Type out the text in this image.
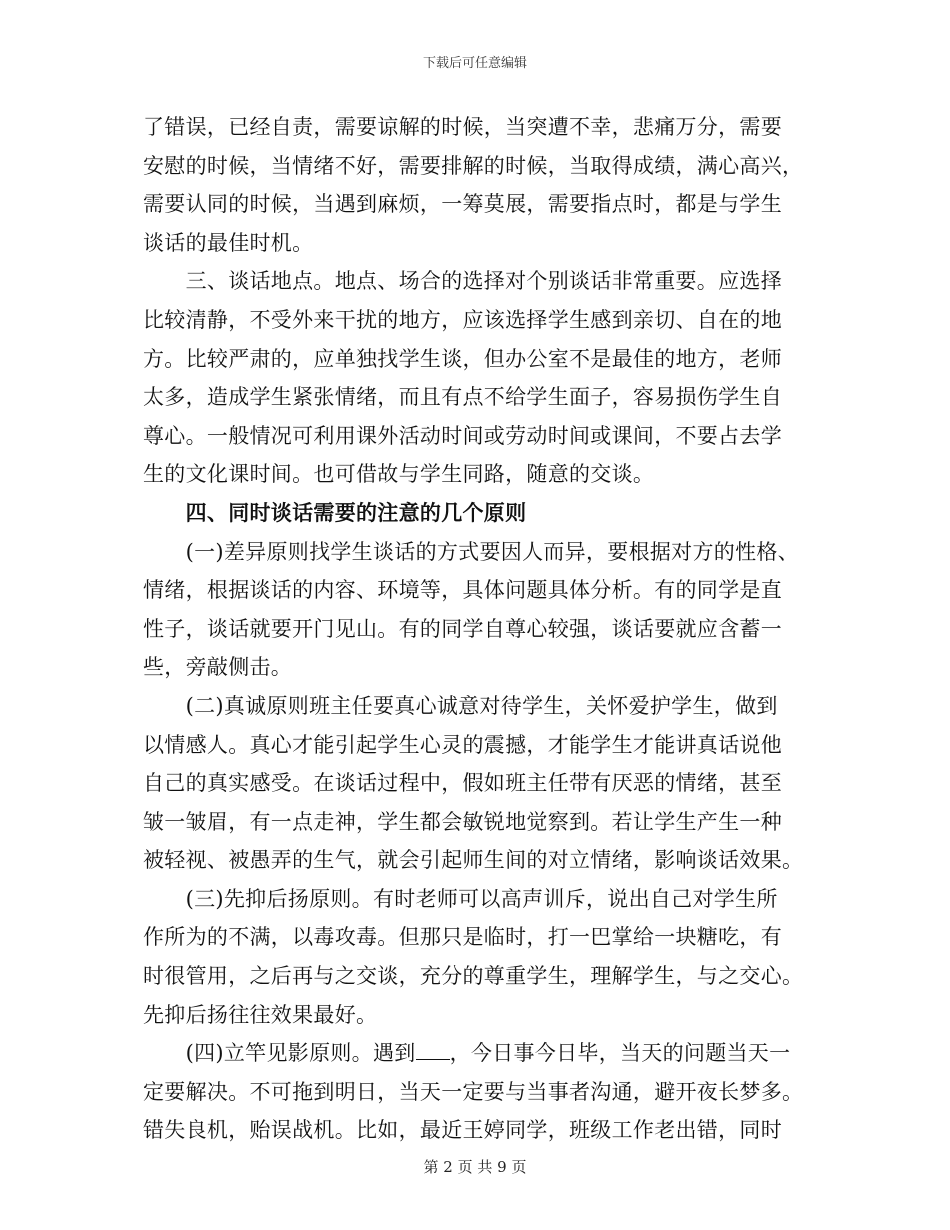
下载后可任意编辑
了错误，已经自责，需要谅解的时候，当突遭不幸，悲痛万分，需要
安慰的时候，当情绪不好，需要排解的时候，当取得成绩，满心高兴，
需要认同的时候，当遇到麻烦，一筹莫展，需要指点时，都是与学生
谈话的最佳时机。
　　三、谈话地点。地点、场合的选择对个别谈话非常重要。应选择
比较清静，不受外来干扰的地方，应该选择学生感到亲切、自在的地
方。比较严肃的，应单独找学生谈，但办公室不是最佳的地方，老师
太多，造成学生紧张情绪，而且有点不给学生面子，容易损伤学生自
尊心。一般情况可利用课外活动时间或劳动时间或课间，不要占去学
生的文化课时间。也可借故与学生同路，随意的交谈。
　　四、同时谈话需要的注意的几个原则
　　(一)差异原则找学生谈话的方式要因人而异，要根据对方的性格、
情绪，根据谈话的内容、环境等，具体问题具体分析。有的同学是直
性子，谈话就要开门见山。有的同学自尊心较强，谈话要就应含蓄一
些，旁敲侧击。
　　(二)真诚原则班主任要真心诚意对待学生，关怀爱护学生，做到
以情感人。真心才能引起学生心灵的震撼，才能学生才能讲真话说他
自己的真实感受。在谈话过程中，假如班主任带有厌恶的情绪，甚至
皱一皱眉，有一点走神，学生都会敏锐地觉察到。若让学生产生一种
被轻视、被愚弄的生气，就会引起师生间的对立情绪，影响谈话效果。
　　(三)先抑后扬原则。有时老师可以高声训斥，说出自己对学生所
作所为的不满，以毒攻毒。但那只是临时，打一巴掌给一块糖吃，有
时很管用，之后再与之交谈，充分的尊重学生，理解学生，与之交心。
先抑后扬往往效果最好。
　　(四)立竿见影原则。遇到 ，今日事今日毕，当天的问题当天一
定要解决。不可拖到明日，当天一定要与当事者沟通，避开夜长梦多。
错失良机，贻误战机。比如，最近王婷同学，班级工作老出错，同时
第 2 页 共 9 页
